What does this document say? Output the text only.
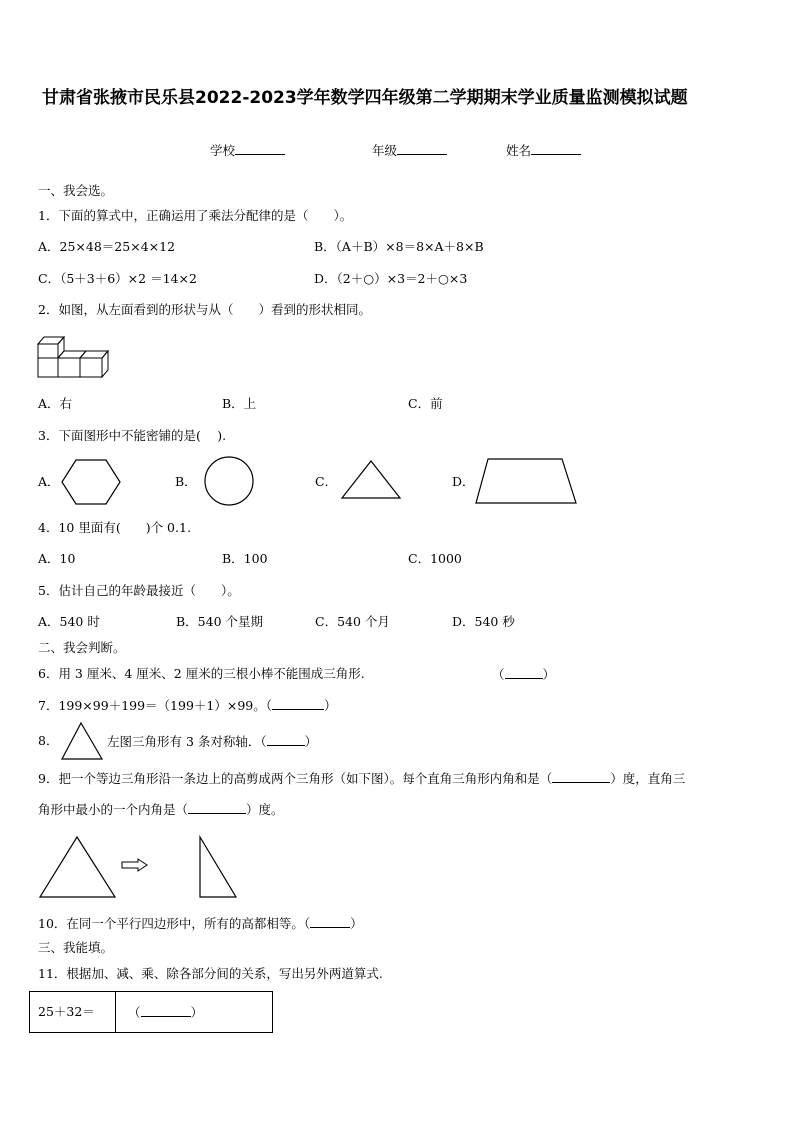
甘肃省张掖市民乐县2022-2023学年数学四年级第二学期期末学业质量监测模拟试题
学校	年级	姓名
一、我会选。
1．下面的算式中，正确运用了乘法分配律的是（　　）。
A．25×48＝25×4×12	B．（A＋B）×8＝8×A＋8×B
C．（5＋3＋6）×2 ＝14×2	D．（2＋○）×3＝2＋○×3
2．如图，从左面看到的形状与从（　　）看到的形状相同。
A．右	B．上	C．前
3．下面图形中不能密铺的是(　 ).
A．	B．	C．	D．
4．10 里面有(　　)个 0.1.
A．10	B．100	C．1000
5．估计自己的年龄最接近（　　）。
A．540 时	B．540 个星期	C．540 个月	D．540 秒
二、我会判断。
6．用 3 厘米、4 厘米、2 厘米的三根小棒不能围成三角形.	（	）
7．199×99＋199＝（199＋1）×99。（	）
8．	左图三角形有 3 条对称轴．（	）
9．把一个等边三角形沿一条边上的高剪成两个三角形（如下图）。每个直角三角形内角和是（	）度，直角三
角形中最小的一个内角是（	）度。
10．在同一个平行四边形中，所有的高都相等。（	）
三、我能填。
11．根据加、减、乘、除各部分间的关系，写出另外两道算式.
25＋32＝	（	）
